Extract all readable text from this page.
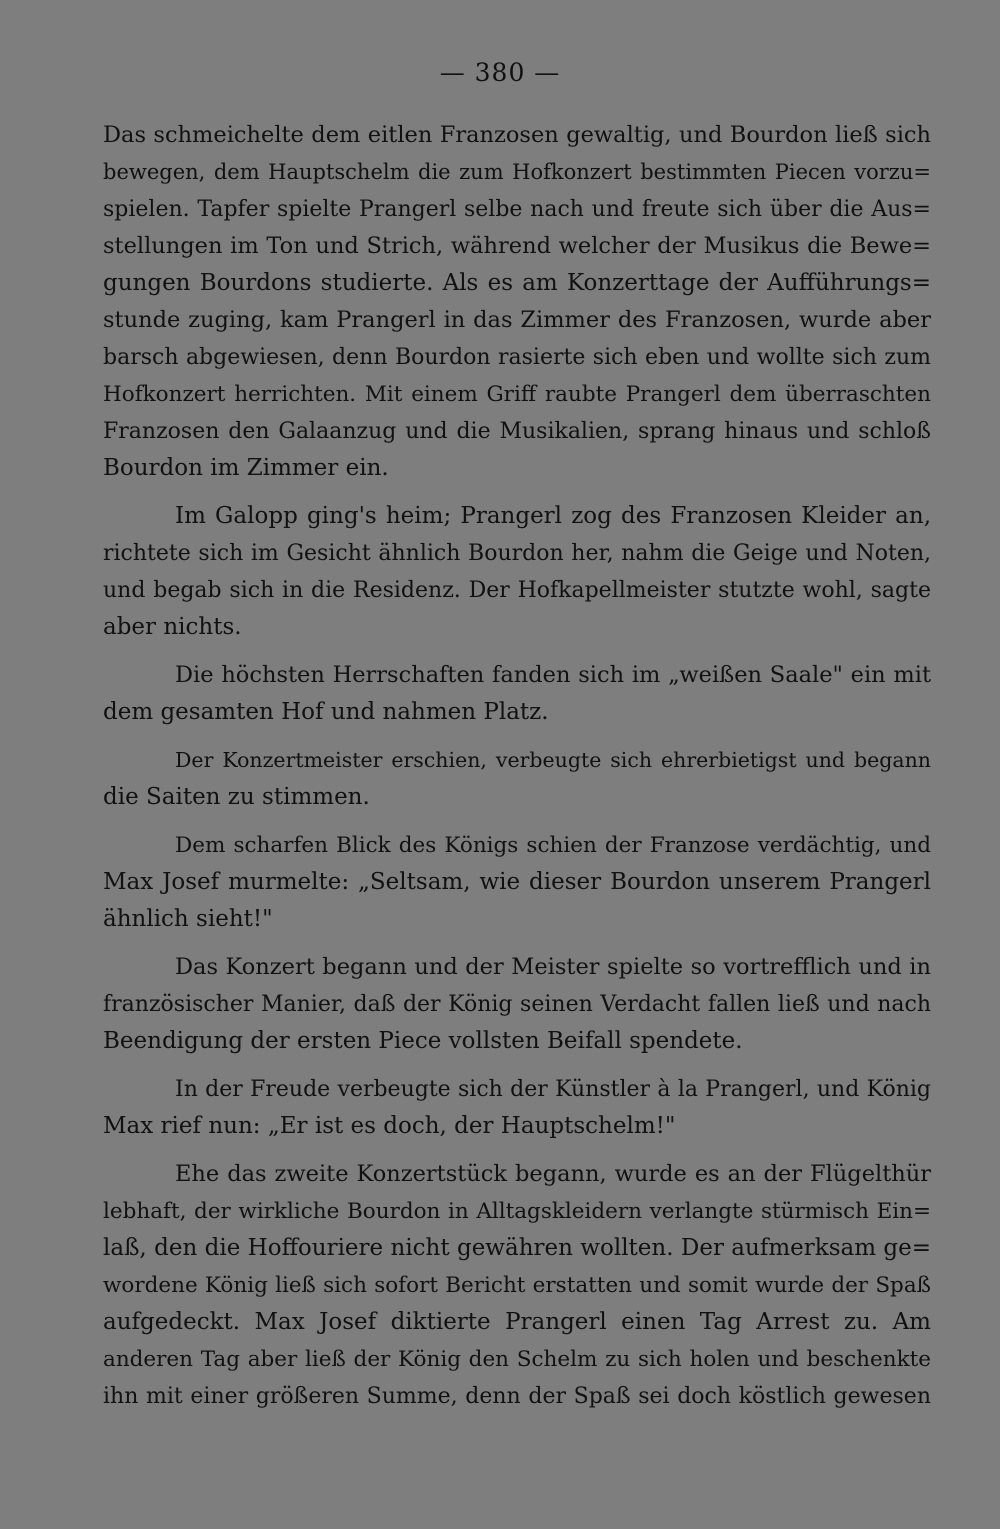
— 380 —
Das schmeichelte dem eitlen Franzosen gewaltig, und Bourdon ließ sich
bewegen, dem Hauptschelm die zum Hofkonzert bestimmten Piecen vorzu=
spielen. Tapfer spielte Prangerl selbe nach und freute sich über die Aus=
stellungen im Ton und Strich, während welcher der Musikus die Bewe=
gungen Bourdons studierte. Als es am Konzerttage der Aufführungs=
stunde zuging, kam Prangerl in das Zimmer des Franzosen, wurde aber
barsch abgewiesen, denn Bourdon rasierte sich eben und wollte sich zum
Hofkonzert herrichten. Mit einem Griff raubte Prangerl dem überraschten
Franzosen den Galaanzug und die Musikalien, sprang hinaus und schloß
Bourdon im Zimmer ein.
Im Galopp ging's heim; Prangerl zog des Franzosen Kleider an,
richtete sich im Gesicht ähnlich Bourdon her, nahm die Geige und Noten,
und begab sich in die Residenz. Der Hofkapellmeister stutzte wohl, sagte
aber nichts.
Die höchsten Herrschaften fanden sich im „weißen Saale" ein mit
dem gesamten Hof und nahmen Platz.
Der Konzertmeister erschien, verbeugte sich ehrerbietigst und begann
die Saiten zu stimmen.
Dem scharfen Blick des Königs schien der Franzose verdächtig, und
Max Josef murmelte: „Seltsam, wie dieser Bourdon unserem Prangerl
ähnlich sieht!"
Das Konzert begann und der Meister spielte so vortrefflich und in
französischer Manier, daß der König seinen Verdacht fallen ließ und nach
Beendigung der ersten Piece vollsten Beifall spendete.
In der Freude verbeugte sich der Künstler à la Prangerl, und König
Max rief nun: „Er ist es doch, der Hauptschelm!"
Ehe das zweite Konzertstück begann, wurde es an der Flügelthür
lebhaft, der wirkliche Bourdon in Alltagskleidern verlangte stürmisch Ein=
laß, den die Hoffouriere nicht gewähren wollten. Der aufmerksam ge=
wordene König ließ sich sofort Bericht erstatten und somit wurde der Spaß
aufgedeckt. Max Josef diktierte Prangerl einen Tag Arrest zu. Am
anderen Tag aber ließ der König den Schelm zu sich holen und beschenkte
ihn mit einer größeren Summe, denn der Spaß sei doch köstlich gewesen
